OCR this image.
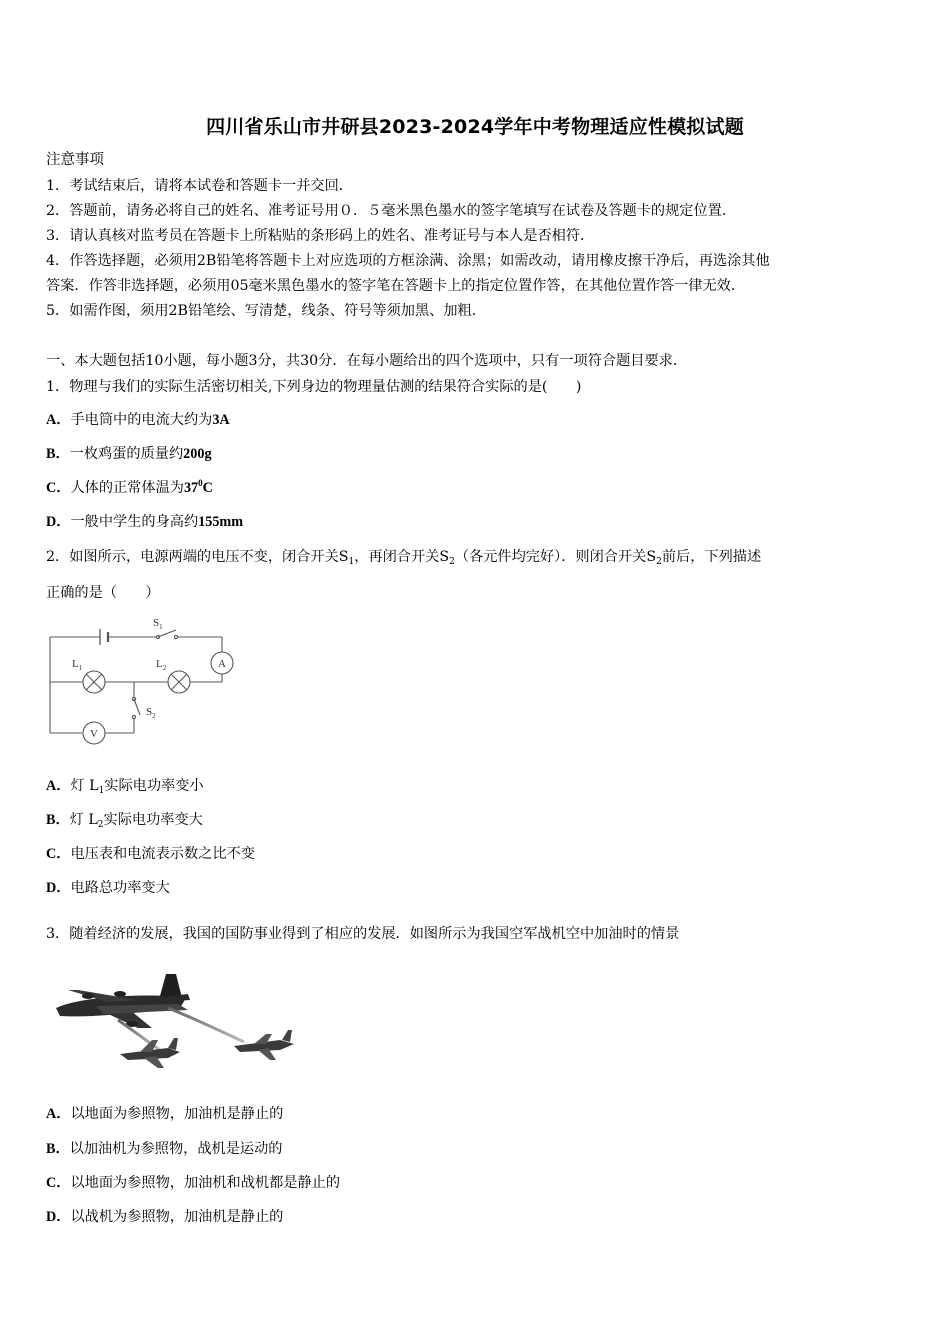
四川省乐山市井研县2023-2024学年中考物理适应性模拟试题
注意事项
1．考试结束后，请将本试卷和答题卡一并交回．
2．答题前，请务必将自己的姓名、准考证号用０．５毫米黑色墨水的签字笔填写在试卷及答题卡的规定位置．
3．请认真核对监考员在答题卡上所粘贴的条形码上的姓名、准考证号与本人是否相符．
4．作答选择题，必须用2B铅笔将答题卡上对应选项的方框涂满、涂黑；如需改动，请用橡皮擦干净后，再选涂其他
答案．作答非选择题，必须用05毫米黑色墨水的签字笔在答题卡上的指定位置作答，在其他位置作答一律无效．
5．如需作图，须用2B铅笔绘、写清楚，线条、符号等须加黑、加粗．
一、本大题包括10小题，每小题3分，共30分．在每小题给出的四个选项中，只有一项符合题目要求．
1．物理与我们的实际生活密切相关,下列身边的物理量估测的结果符合实际的是(　　)
A．手电筒中的电流大约为3A
B．一枚鸡蛋的质量约200g
C．人体的正常体温为$37^0C$
D．一般中学生的身高约155mm
2．如图所示，电源两端的电压不变，闭合开关$S_1$，再闭合开关$S_2$（各元件均完好）．则闭合开关$S_2$前后，下列描述
正确的是（　　）
$S_1$
$L_1$	$L_2$
$S_2$
A
V
A．灯 $L_1$实际电功率变小
B．灯 $L_2$实际电功率变大
C．电压表和电流表示数之比不变
D．电路总功率变大
3．随着经济的发展，我国的国防事业得到了相应的发展．如图所示为我国空军战机空中加油时的情景
A．以地面为参照物，加油机是静止的
B．以加油机为参照物，战机是运动的
C．以地面为参照物，加油机和战机都是静止的
D．以战机为参照物，加油机是静止的
